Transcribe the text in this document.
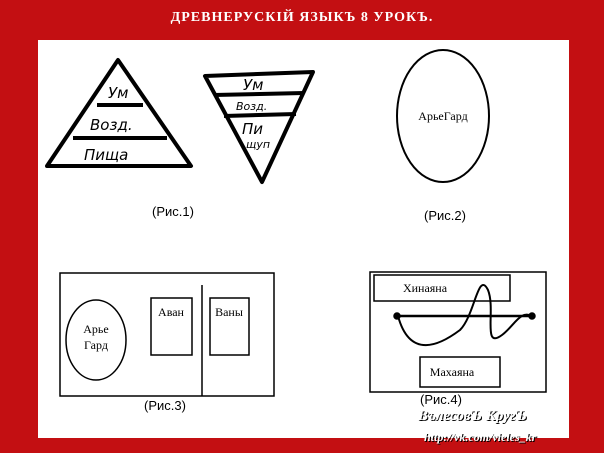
ДРЕВНЕРУСКІЙ ЯЗЫКЪ 8 УРОКЪ.
Ум
Возд.
Пища
Ум
Возд.
Пи
щуп
АрьеГард
Арье
Гард
Аван	Ваны
Хинаяна
Махаяна
(Рис.1)	(Рис.2)
(Рис.3)	(Рис.4)
ВълесовЪ КругЪ
http://vk.com/vieles_kr
